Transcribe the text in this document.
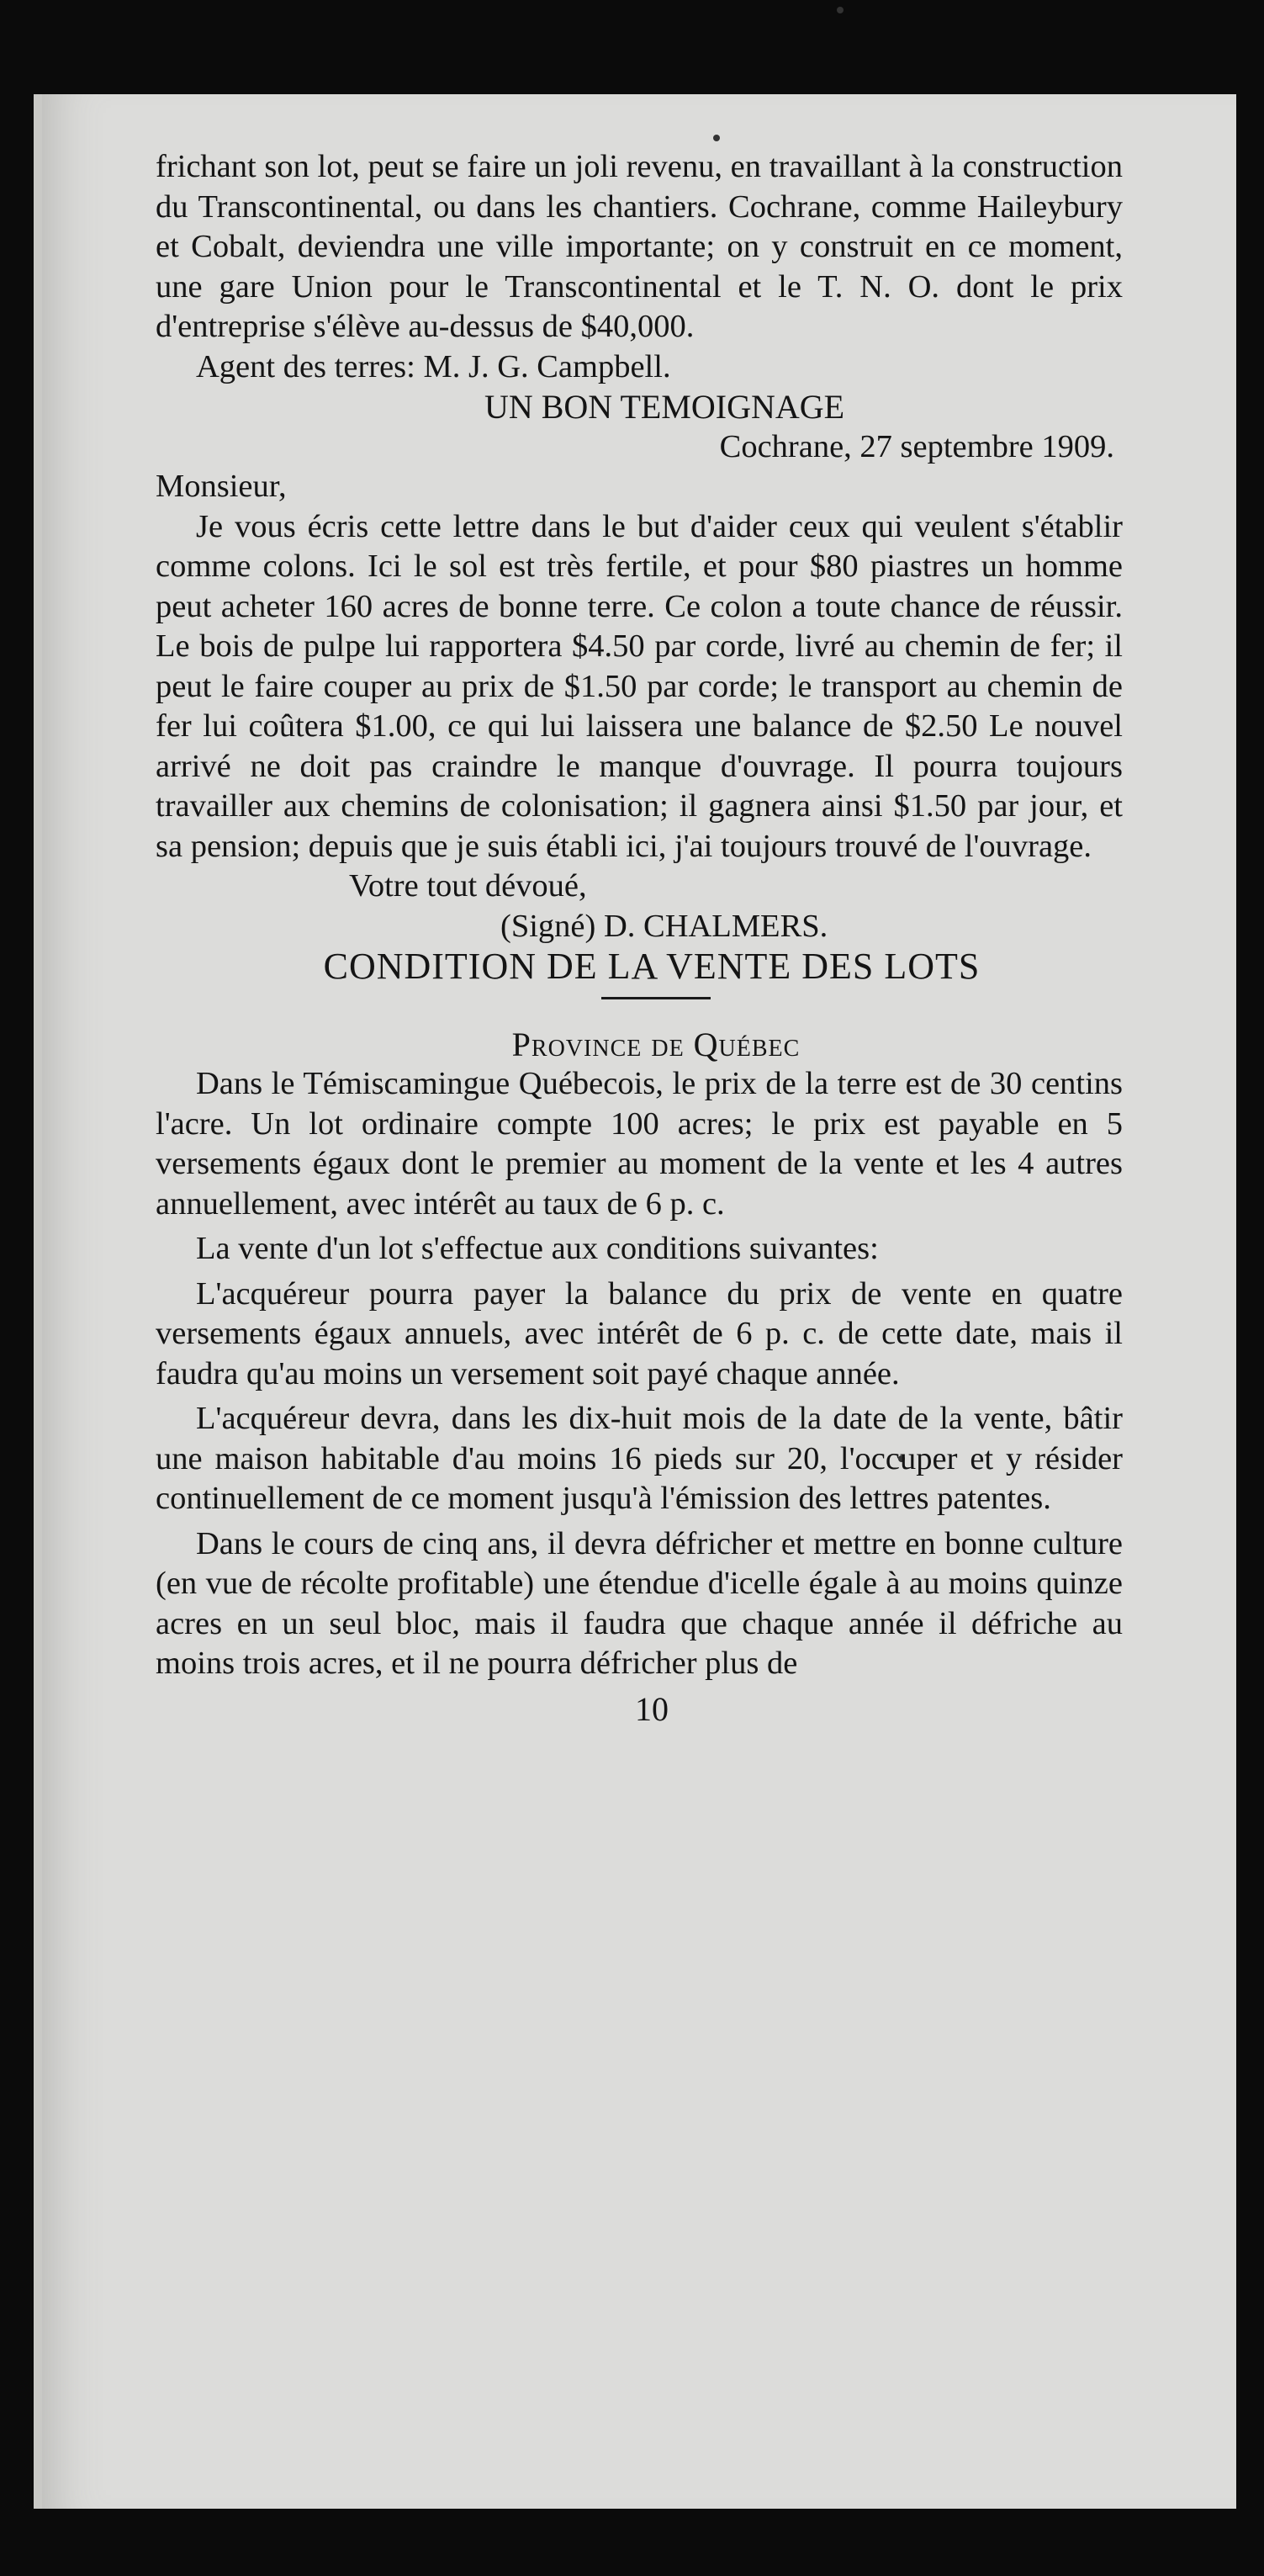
frichant son lot, peut se faire un joli revenu, en travaillant à la construction du Transcontinental, ou dans les chantiers. Cochrane, comme Haileybury et Cobalt, deviendra une ville importante; on y construit en ce moment, une gare Union pour le Transcontinental et le T. N. O. dont le prix d'entreprise s'élève au-dessus de $40,000.

Agent des terres: M. J. G. Campbell.

UN BON TEMOIGNAGE

Cochrane, 27 septembre 1909.

Monsieur,

Je vous écris cette lettre dans le but d'aider ceux qui veulent s'établir comme colons. Ici le sol est très fertile, et pour $80 piastres un homme peut acheter 160 acres de bonne terre. Ce colon a toute chance de réussir. Le bois de pulpe lui rapportera $4.50 par corde, livré au chemin de fer; il peut le faire couper au prix de $1.50 par corde; le transport au chemin de fer lui coûtera $1.00, ce qui lui laissera une balance de $2.50 Le nouvel arrivé ne doit pas craindre le manque d'ouvrage. Il pourra toujours travailler aux chemins de colonisation; il gagnera ainsi $1.50 par jour, et sa pension; depuis que je suis établi ici, j'ai toujours trouvé de l'ouvrage.

Votre tout dévoué,

(Signé) D. CHALMERS.

CONDITION DE LA VENTE DES LOTS

Province de Québec

Dans le Témiscamingue Québecois, le prix de la terre est de 30 centins l'acre. Un lot ordinaire compte 100 acres; le prix est payable en 5 versements égaux dont le premier au moment de la vente et les 4 autres annuellement, avec intérêt au taux de 6 p. c.

La vente d'un lot s'effectue aux conditions suivantes:

L'acquéreur pourra payer la balance du prix de vente en quatre versements égaux annuels, avec intérêt de 6 p. c. de cette date, mais il faudra qu'au moins un versement soit payé chaque année.

L'acquéreur devra, dans les dix-huit mois de la date de la vente, bâtir une maison habitable d'au moins 16 pieds sur 20, l'occuper et y résider continuellement de ce moment jusqu'à l'émission des lettres patentes.

Dans le cours de cinq ans, il devra défricher et mettre en bonne culture (en vue de récolte profitable) une étendue d'icelle égale à au moins quinze acres en un seul bloc, mais il faudra que chaque année il défriche au moins trois acres, et il ne pourra défricher plus de

10
